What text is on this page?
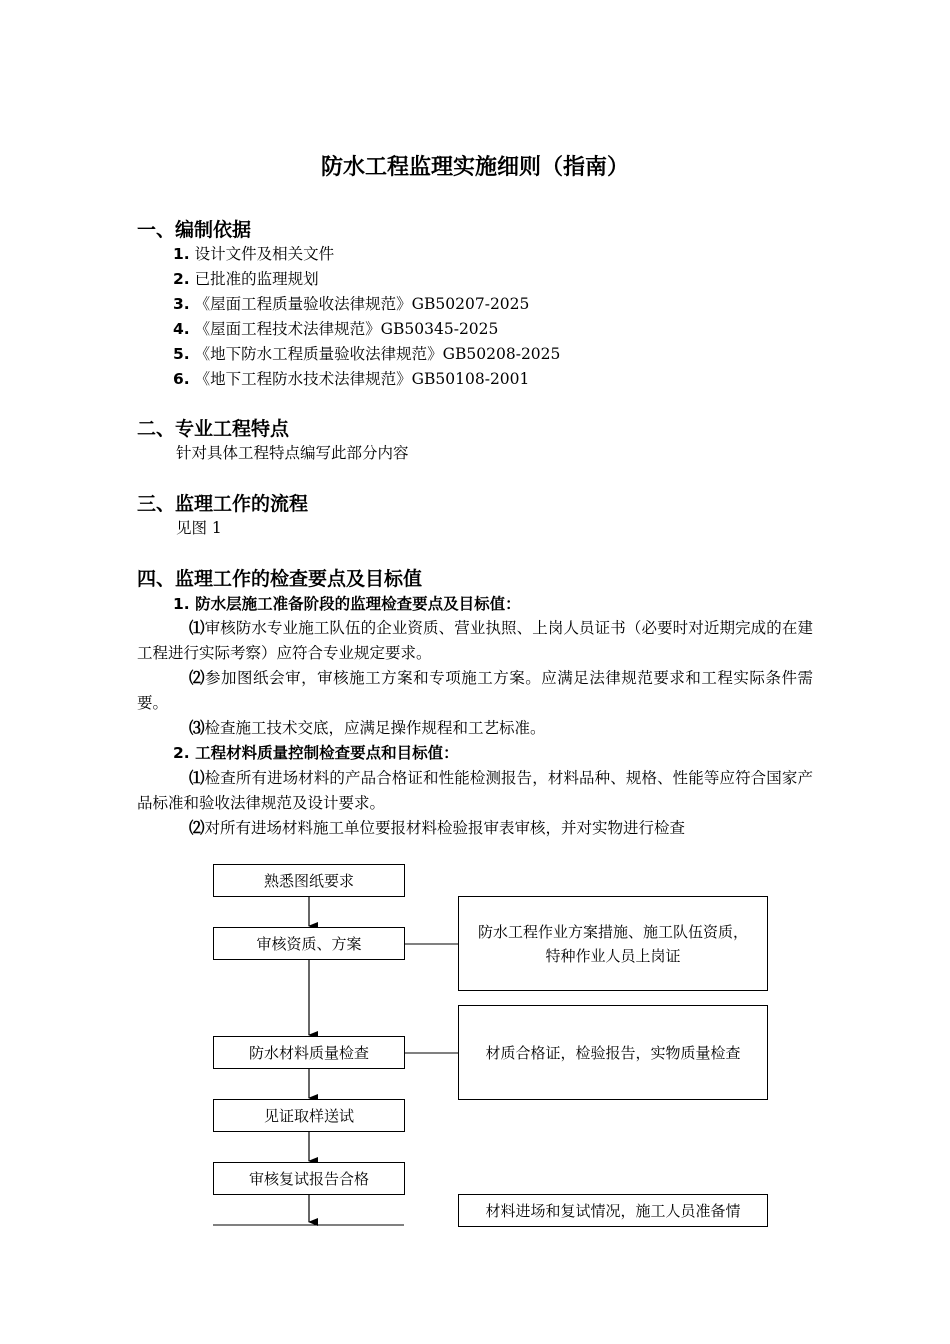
防水工程监理实施细则（指南）
一、编制依据
1. 设计文件及相关文件
2. 已批准的监理规划
3. 《屋面工程质量验收法律规范》GB50207-2025
4. 《屋面工程技术法律规范》GB50345-2025
5. 《地下防水工程质量验收法律规范》GB50208-2025
6. 《地下工程防水技术法律规范》GB50108-2001
二、专业工程特点
针对具体工程特点编写此部分内容
三、监理工作的流程
见图 1
四、监理工作的检查要点及目标值
1. 防水层施工准备阶段的监理检查要点及目标值：

⑴审核防水专业施工队伍的企业资质、营业执照、上岗人员证书（必要时对近期完成的在建工程进行实际考察）应符合专业规定要求。

⑵参加图纸会审，审核施工方案和专项施工方案。应满足法律规范要求和工程实际条件需要。

⑶检查施工技术交底，应满足操作规程和工艺标准。

2. 工程材料质量控制检查要点和目标值：

⑴检查所有进场材料的产品合格证和性能检测报告，材料品种、规格、性能等应符合国家产品标准和验收法律规范及设计要求。

⑵对所有进场材料施工单位要报材料检验报审表审核，并对实物进行检查

熟悉图纸要求
审核资质、方案
防水材料质量检查
见证取样送试
审核复试报告合格
防水工程作业方案措施、施工队伍资质，特种作业人员上岗证
材质合格证，检验报告，实物质量检查
材料进场和复试情况，施工人员准备情
